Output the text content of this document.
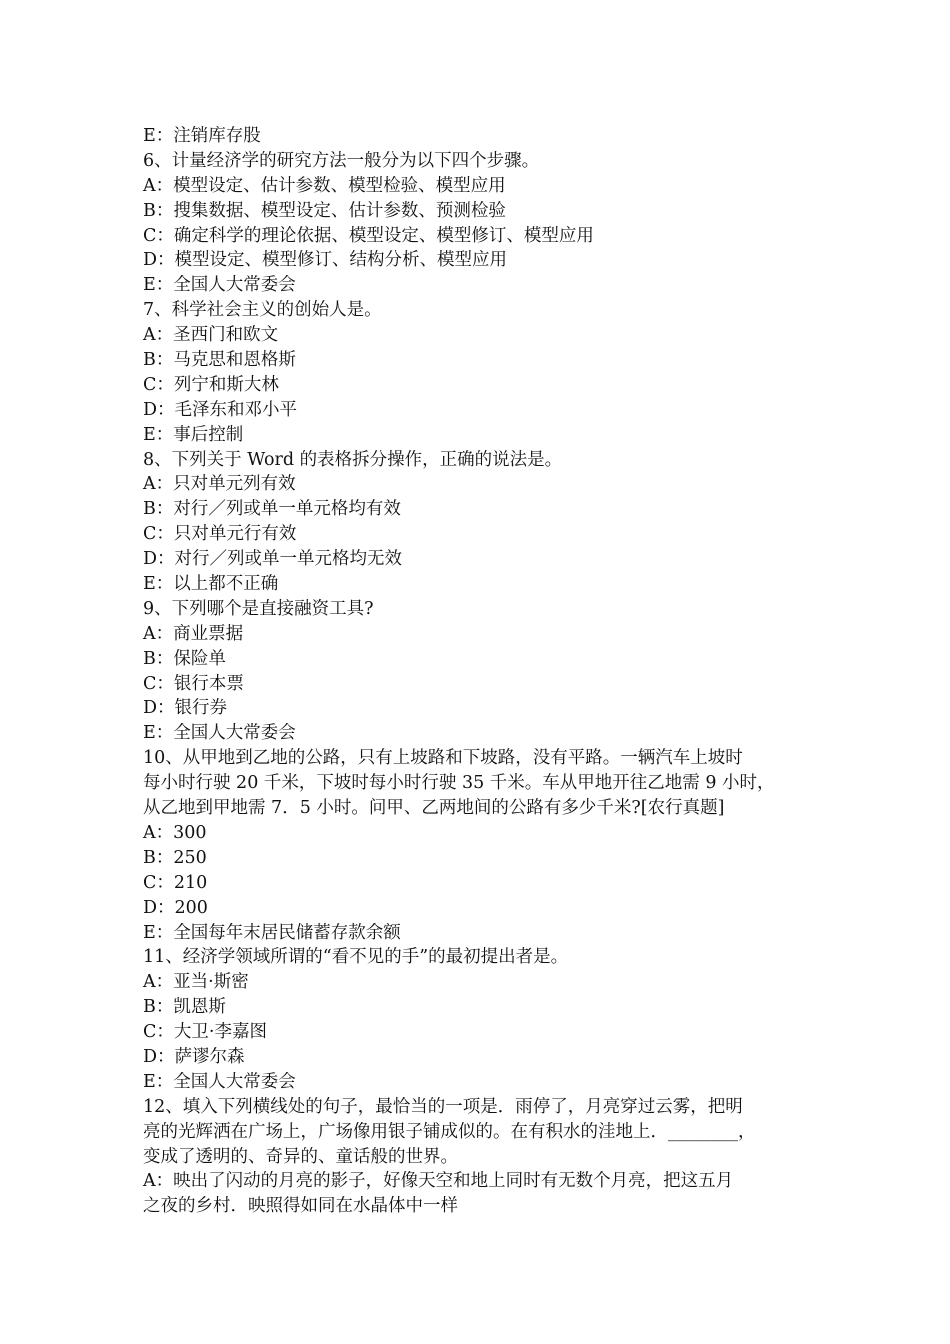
E：注销库存股
6、计量经济学的研究方法一般分为以下四个步骤。
A：模型设定、估计参数、模型检验、模型应用
B：搜集数据、模型设定、估计参数、预测检验
C：确定科学的理论依据、模型设定、模型修订、模型应用
D：模型设定、模型修订、结构分析、模型应用
E：全国人大常委会
7、科学社会主义的创始人是。
A：圣西门和欧文
B：马克思和恩格斯
C：列宁和斯大林
D：毛泽东和邓小平
E：事后控制
8、下列关于 Word 的表格拆分操作，正确的说法是。
A：只对单元列有效
B：对行／列或单一单元格均有效
C：只对单元行有效
D：对行／列或单一单元格均无效
E：以上都不正确
9、下列哪个是直接融资工具?
A：商业票据
B：保险单
C：银行本票
D：银行券
E：全国人大常委会
10、从甲地到乙地的公路，只有上坡路和下坡路，没有平路。一辆汽车上坡时
每小时行驶 20 千米，下坡时每小时行驶 35 千米。车从甲地开往乙地需 9 小时，
从乙地到甲地需 7．5 小时。问甲、乙两地间的公路有多少千米?[农行真题]
A：300
B：250
C：210
D：200
E：全国每年末居民储蓄存款余额
11、经济学领域所谓的“看不见的手”的最初提出者是。
A：亚当·斯密
B：凯恩斯
C：大卫·李嘉图
D：萨谬尔森
E：全国人大常委会
12、填入下列横线处的句子，最恰当的一项是．雨停了，月亮穿过云雾，把明
亮的光辉洒在广场上，广场像用银子铺成似的。在有积水的洼地上．________，
变成了透明的、奇异的、童话般的世界。
A：映出了闪动的月亮的影子，好像天空和地上同时有无数个月亮，把这五月
之夜的乡村．映照得如同在水晶体中一样
